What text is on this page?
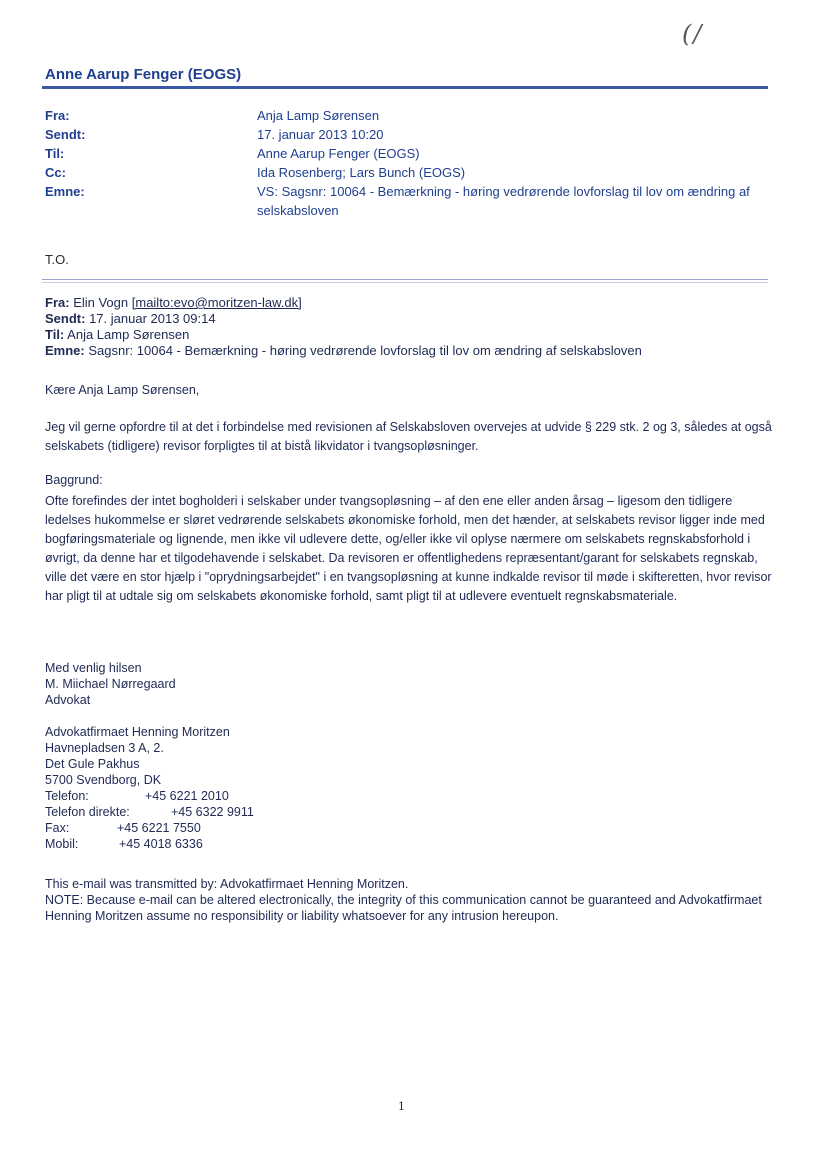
(/
Anne Aarup Fenger (EOGS)
Fra:	Anja Lamp Sørensen
Sendt:	17. januar 2013 10:20
Til:	Anne Aarup Fenger (EOGS)
Cc:	Ida Rosenberg; Lars Bunch (EOGS)
Emne:	VS: Sagsnr: 10064 - Bemærkning - høring vedrørende lovforslag til lov om ændring af selskabsloven
T.O.
Fra: Elin Vogn [mailto:evo@moritzen-law.dk]
Sendt: 17. januar 2013 09:14
Til: Anja Lamp Sørensen
Emne: Sagsnr: 10064 - Bemærkning - høring vedrørende lovforslag til lov om ændring af selskabsloven
Kære Anja Lamp Sørensen,
Jeg vil gerne opfordre til at det i forbindelse med revisionen af Selskabsloven overvejes at udvide § 229 stk. 2 og 3, således at også selskabets (tidligere) revisor forpligtes til at bistå likvidator i tvangsopløsninger.
Baggrund:
Ofte forefindes der intet bogholderi i selskaber under tvangsopløsning – af den ene eller anden årsag – ligesom den tidligere ledelses hukommelse er sløret vedrørende selskabets økonomiske forhold, men det hænder, at selskabets revisor ligger inde med bogføringsmateriale og lignende, men ikke vil udlevere dette, og/eller ikke vil oplyse nærmere om selskabets regnskabsforhold i øvrigt, da denne har et tilgodehavende i selskabet. Da revisoren er offentlighedens repræsentant/garant for selskabets regnskab, ville det være en stor hjælp i "oprydningsarbejdet" i en tvangsopløsning at kunne indkalde revisor til møde i skifteretten, hvor revisor har pligt til at udtale sig om selskabets økonomiske forhold, samt pligt til at udlevere eventuelt regnskabsmateriale.
Med venlig hilsen
M. Miichael Nørregaard
Advokat
Advokatfirmaet Henning Moritzen
Havnepladsen 3 A, 2.
Det Gule Pakhus
5700 Svendborg, DK
Telefon:	+45 6221 2010
Telefon direkte:	+45 6322 9911
Fax:	+45 6221 7550
Mobil:	+45 4018 6336
This e-mail was transmitted by: Advokatfirmaet Henning Moritzen.
NOTE: Because e-mail can be altered electronically, the integrity of this communication cannot be guaranteed and Advokatfirmaet Henning Moritzen assume no responsibility or liability whatsoever for any intrusion hereupon.
1
